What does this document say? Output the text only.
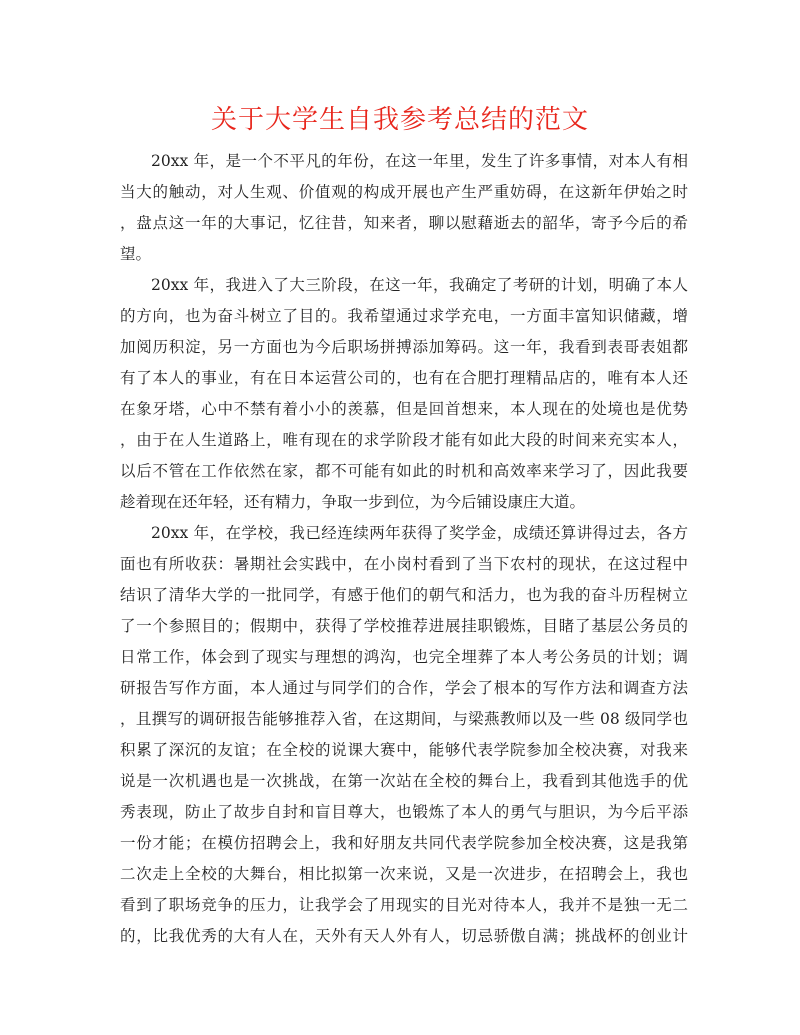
关于大学生自我参考总结的范文
20xx 年，是一个不平凡的年份，在这一年里，发生了许多事情，对本人有相
当大的触动，对人生观、价值观的构成开展也产生严重妨碍，在这新年伊始之时
，盘点这一年的大事记，忆往昔，知来者，聊以慰藉逝去的韶华，寄予今后的希
望。
20xx 年，我进入了大三阶段，在这一年，我确定了考研的计划，明确了本人
的方向，也为奋斗树立了目的。我希望通过求学充电，一方面丰富知识储藏，增
加阅历积淀，另一方面也为今后职场拼搏添加筹码。这一年，我看到表哥表姐都
有了本人的事业，有在日本运营公司的，也有在合肥打理精品店的，唯有本人还
在象牙塔，心中不禁有着小小的羡慕，但是回首想来，本人现在的处境也是优势
，由于在人生道路上，唯有现在的求学阶段才能有如此大段的时间来充实本人，
以后不管在工作依然在家，都不可能有如此的时机和高效率来学习了，因此我要
趁着现在还年轻，还有精力，争取一步到位，为今后铺设康庄大道。
20xx 年，在学校，我已经连续两年获得了奖学金，成绩还算讲得过去，各方
面也有所收获：暑期社会实践中，在小岗村看到了当下农村的现状，在这过程中
结识了清华大学的一批同学，有感于他们的朝气和活力，也为我的奋斗历程树立
了一个参照目的；假期中，获得了学校推荐进展挂职锻炼，目睹了基层公务员的
日常工作，体会到了现实与理想的鸿沟，也完全埋葬了本人考公务员的计划；调
研报告写作方面，本人通过与同学们的合作，学会了根本的写作方法和调查方法
，且撰写的调研报告能够推荐入省，在这期间，与梁燕教师以及一些 08 级同学也
积累了深沉的友谊；在全校的说课大赛中，能够代表学院参加全校决赛，对我来
说是一次机遇也是一次挑战，在第一次站在全校的舞台上，我看到其他选手的优
秀表现，防止了故步自封和盲目尊大，也锻炼了本人的勇气与胆识，为今后平添
一份才能；在模仿招聘会上，我和好朋友共同代表学院参加全校决赛，这是我第
二次走上全校的大舞台，相比拟第一次来说，又是一次进步，在招聘会上，我也
看到了职场竞争的压力，让我学会了用现实的目光对待本人，我并不是独一无二
的，比我优秀的大有人在，天外有天人外有人，切忌骄傲自满；挑战杯的创业计
